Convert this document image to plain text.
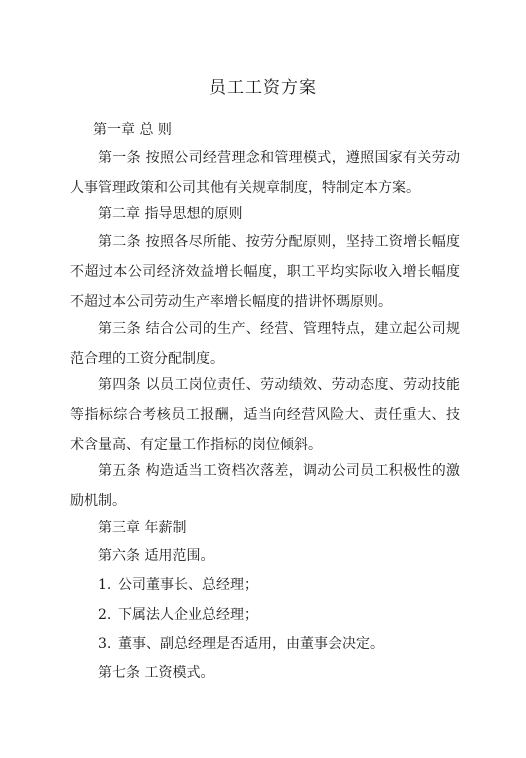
员工工资方案
第一章 总 则
第一条 按照公司经营理念和管理模式，遵照国家有关劳动人事管理政策和公司其他有关规章制度，特制定本方案。
第二章 指导思想的原则
第二条 按照各尽所能、按劳分配原则，坚持工资增长幅度不超过本公司经济效益增长幅度，职工平均实际收入增长幅度不超过本公司劳动生产率增长幅度的措讲怀瑪原则。
第三条 结合公司的生产、经营、管理特点，建立起公司规范合理的工资分配制度。
第四条 以员工岗位责任、劳动绩效、劳动态度、劳动技能等指标综合考核员工报酬，适当向经营风险大、责任重大、技术含量高、有定量工作指标的岗位倾斜。
第五条 构造适当工资档次落差，调动公司员工积极性的激励机制。
第三章 年薪制
第六条 适用范围。
1. 公司董事长、总经理；
2. 下属法人企业总经理；
3. 董事、副总经理是否适用，由董事会决定。
第七条 工资模式。
